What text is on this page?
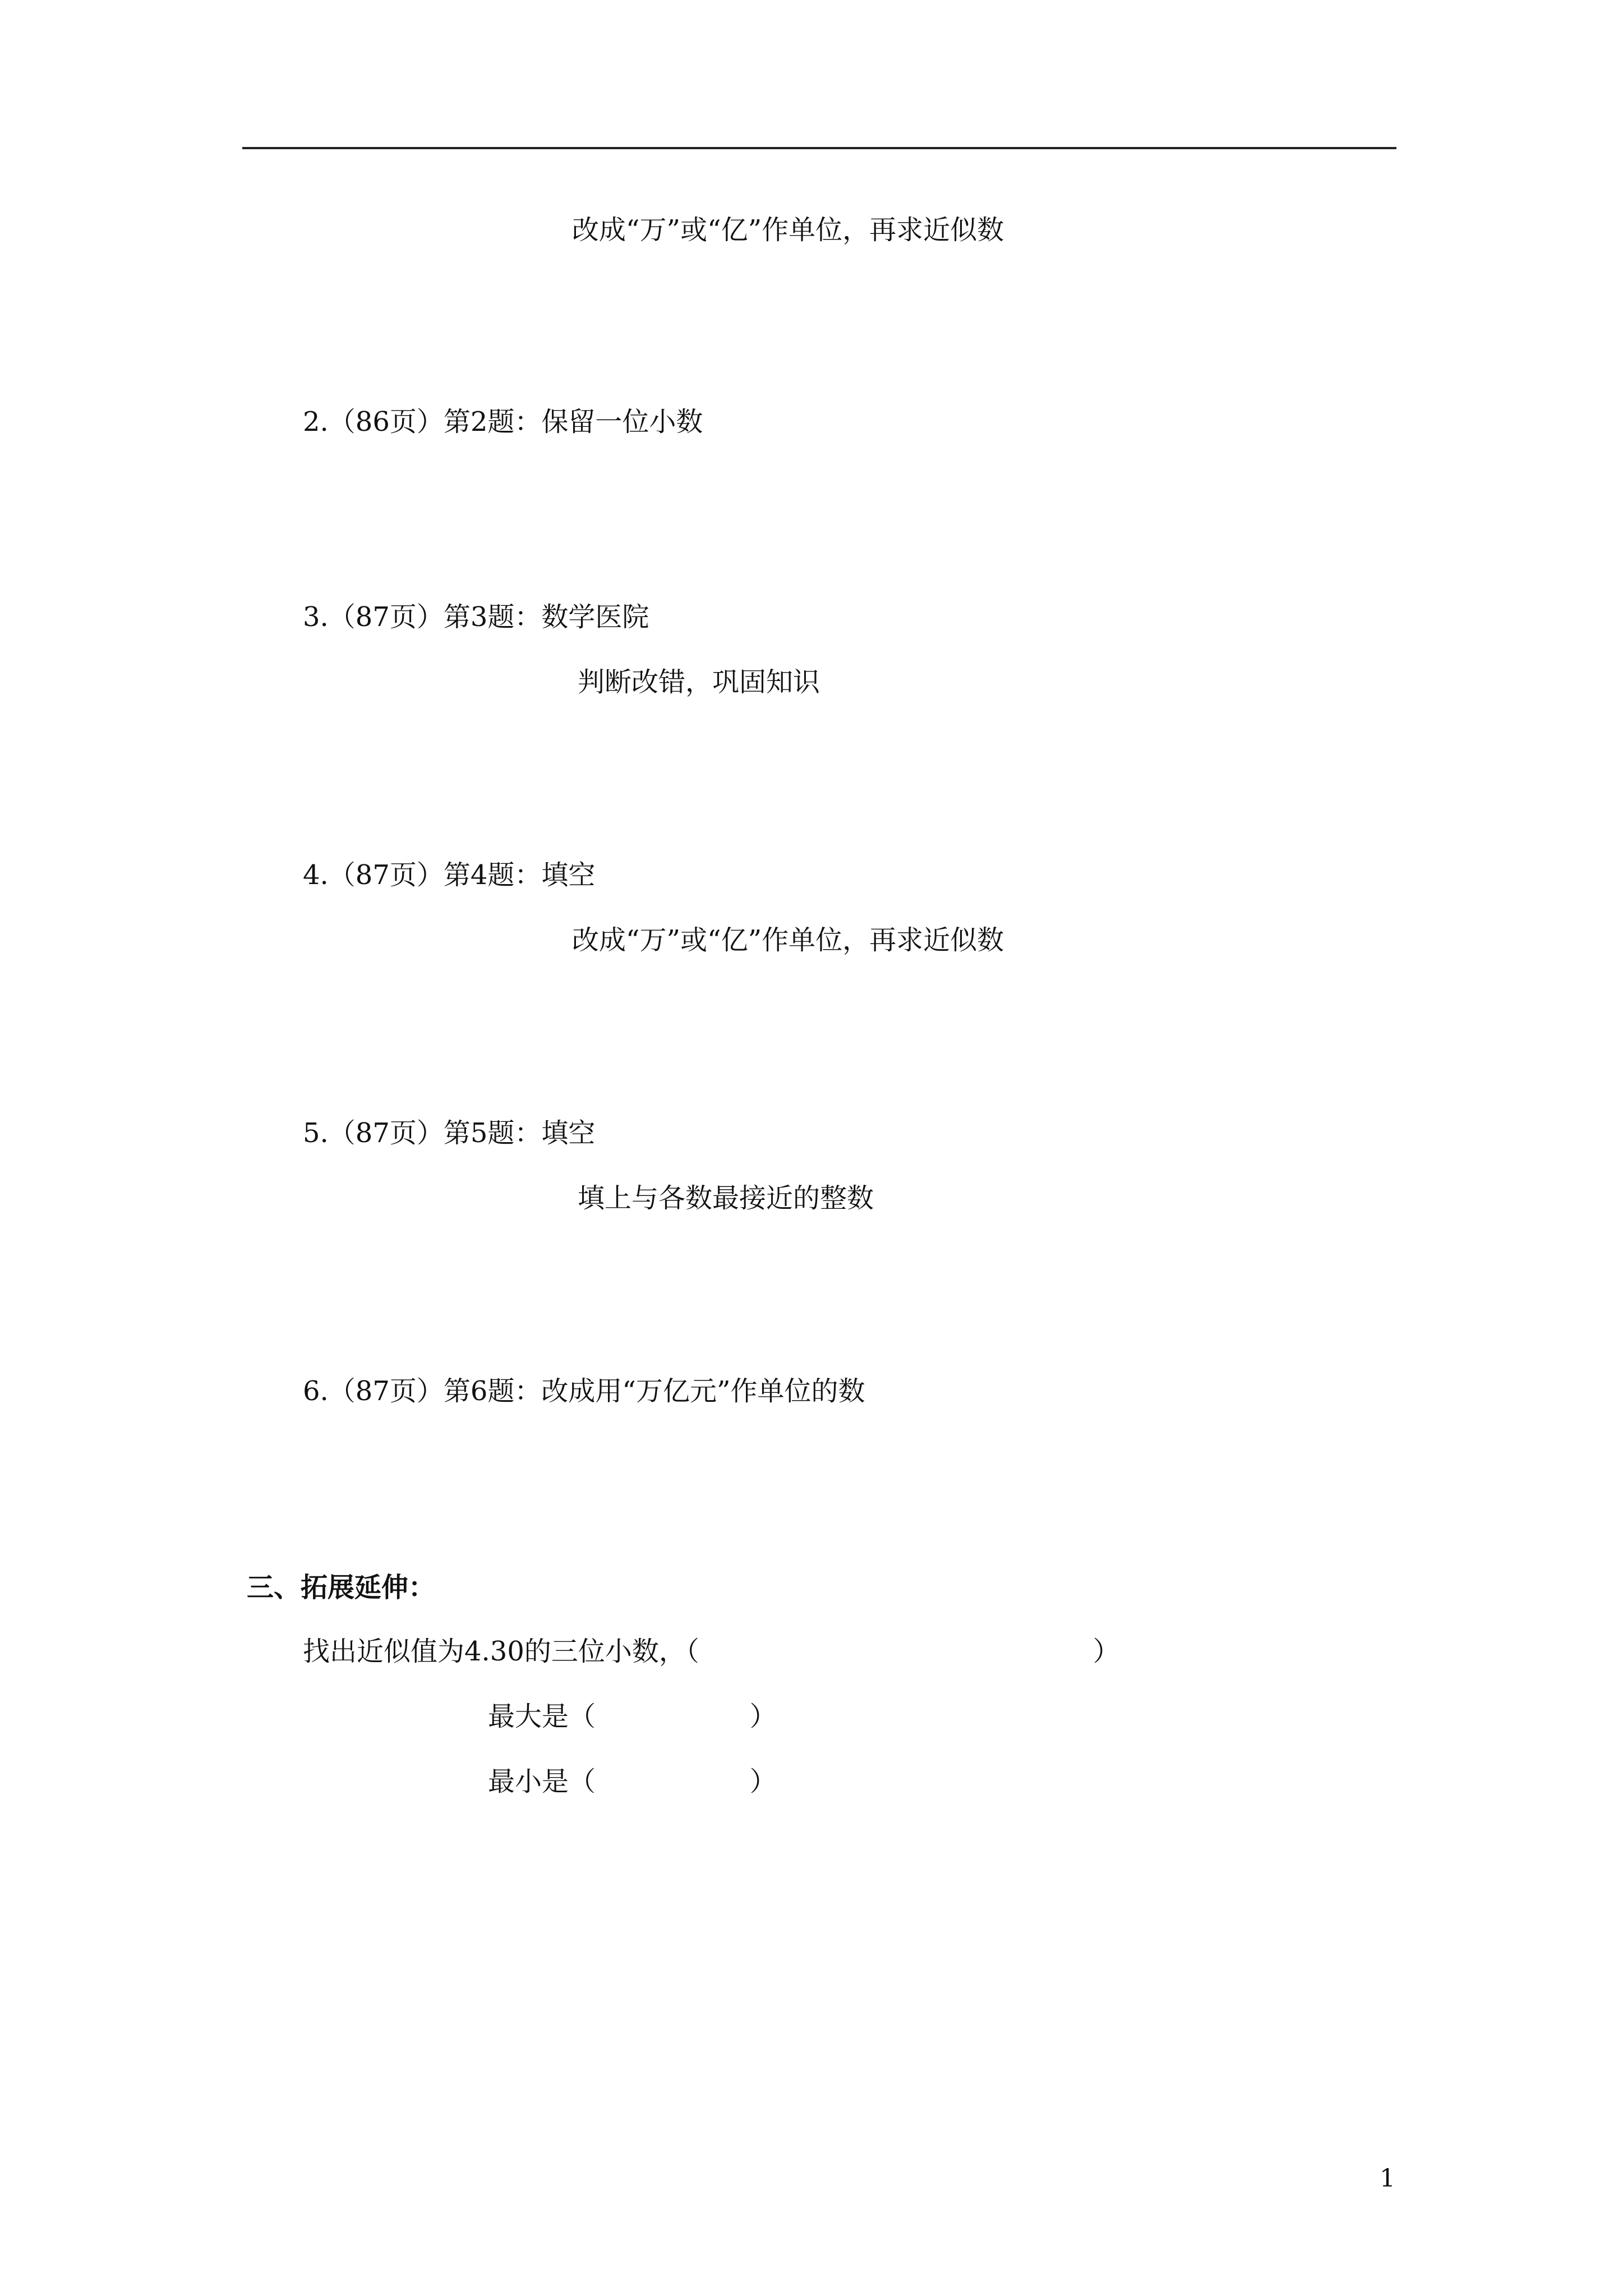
改成“万”或“亿”作单位，再求近似数
2.（86页）第2题：保留一位小数
3.（87页）第3题：数学医院
判断改错，巩固知识
4.（87页）第4题：填空
改成“万”或“亿”作单位，再求近似数
5.（87页）第5题：填空
填上与各数最接近的整数
6.（87页）第6题：改成用“万亿元”作单位的数
三、拓展延伸：
找出近似值为4.30的三位小数，（                                              ）
最大是（                  ）
最小是（                  ）
1
